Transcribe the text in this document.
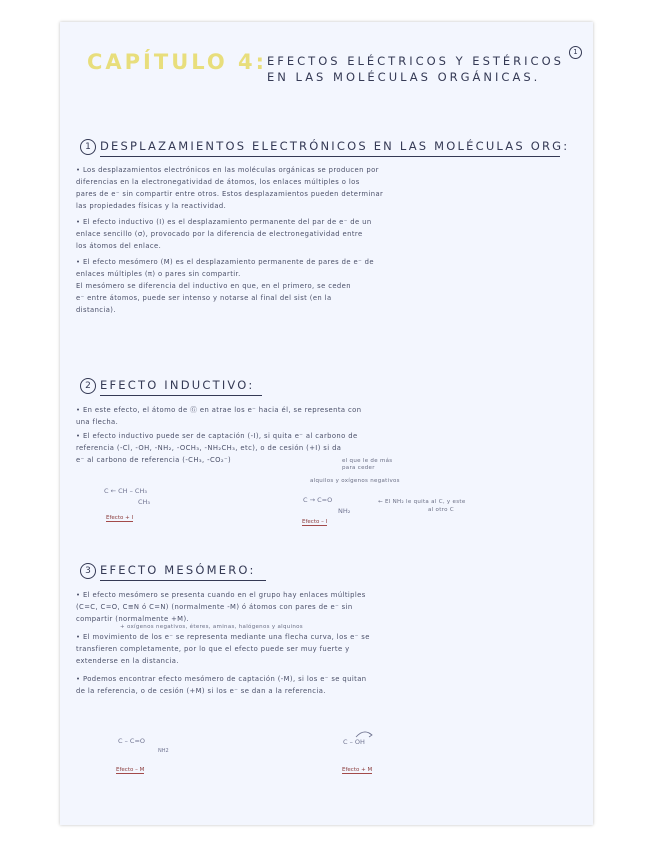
CAPÍTULO 4: EFECTOS ELÉCTRICOS Y ESTÉRICOS
EN LAS MOLÉCULAS ORGÁNICAS.
1
1 DESPLAZAMIENTOS ELECTRÓNICOS EN LAS MOLÉCULAS ORG:

• Los desplazamientos electrónicos en las moléculas orgánicas se producen por

diferencias en la electronegatividad de átomos, los enlaces múltiples o los

pares de e⁻ sin compartir entre otros. Estos desplazamientos pueden determinar

las propiedades físicas y la reactividad.

• El efecto inductivo (I) es el desplazamiento permanente del par de e⁻ de un

enlace sencillo (σ), provocado por la diferencia de electronegatividad entre

los átomos del enlace.

• El efecto mesómero (M) es el desplazamiento permanente de pares de e⁻ de

enlaces múltiples (π) o pares sin compartir.

El mesómero se diferencia del inductivo en que, en el primero, se ceden

e⁻ entre átomos, puede ser intenso y notarse al final del sist (en la

distancia).

2 EFECTO INDUCTIVO:

• En este efecto, el átomo de Ⓖ en atrae los e⁻ hacia él, se representa con

una flecha.

• El efecto inductivo puede ser de captación (-I), si quita e⁻ al carbono de

referencia (-Cl, -OH, -NH₂, -OCH₃, -NH₂CH₃, etc), o de cesión (+I) si da

e⁻ al carbono de referencia (-CH₃, -CO₂⁻)	el que le de más
para ceder
alquilos y oxígenos negativos
C ← CH – CH₃
CH₃
Efecto + I
C → C=O
NH₂
← El NH₂ le quita al C, y este
al otro C
Efecto – I
3 EFECTO MESÓMERO:

• El efecto mesómero se presenta cuando en el grupo hay enlaces múltiples

(C=C, C=O, C≡N ó C=N) (normalmente -M) ó átomos con pares de e⁻ sin

compartir (normalmente +M).

• El movimiento de los e⁻ se representa mediante una flecha curva, los e⁻ se

transfieren completamente, por lo que el efecto puede ser muy fuerte y

extenderse en la distancia.

• Podemos encontrar efecto mesómero de captación (-M), si los e⁻ se quitan

de la referencia, o de cesión (+M) si los e⁻ se dan a la referencia.

+ oxígenos negativos, éteres, aminas, halógenos y alquinos
C – C=O
NH2
Efecto – M
C – OH
Efecto + M
